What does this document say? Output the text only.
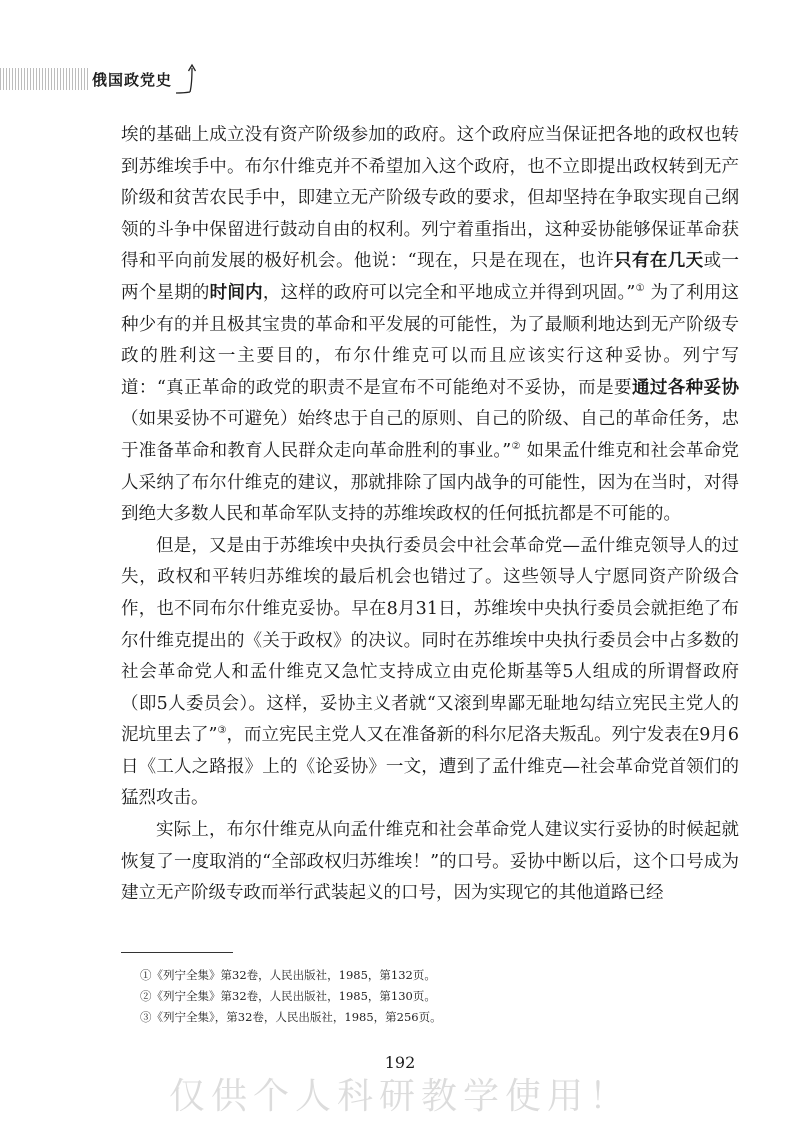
俄国政党史

埃的基础上成立没有资产阶级参加的政府。这个政府应当保证把各地的政权也转到苏维埃手中。布尔什维克并不希望加入这个政府，也不立即提出政权转到无产阶级和贫苦农民手中，即建立无产阶级专政的要求，但却坚持在争取实现自己纲领的斗争中保留进行鼓动自由的权利。列宁着重指出，这种妥协能够保证革命获得和平向前发展的极好机会。他说：“现在，只是在现在，也许只有在几天或一两个星期的时间内，这样的政府可以完全和平地成立并得到巩固。”① 为了利用这种少有的并且极其宝贵的革命和平发展的可能性，为了最顺利地达到无产阶级专政的胜利这一主要目的，布尔什维克可以而且应该实行这种妥协。列宁写道：“真正革命的政党的职责不是宣布不可能绝对不妥协，而是要通过各种妥协（如果妥协不可避免）始终忠于自己的原则、自己的阶级、自己的革命任务，忠于准备革命和教育人民群众走向革命胜利的事业。”② 如果孟什维克和社会革命党人采纳了布尔什维克的建议，那就排除了国内战争的可能性，因为在当时，对得到绝大多数人民和革命军队支持的苏维埃政权的任何抵抗都是不可能的。

但是，又是由于苏维埃中央执行委员会中社会革命党—孟什维克领导人的过失，政权和平转归苏维埃的最后机会也错过了。这些领导人宁愿同资产阶级合作，也不同布尔什维克妥协。早在8月31日，苏维埃中央执行委员会就拒绝了布尔什维克提出的《关于政权》的决议。同时在苏维埃中央执行委员会中占多数的社会革命党人和孟什维克又急忙支持成立由克伦斯基等5人组成的所谓督政府（即5人委员会）。这样，妥协主义者就“又滚到卑鄙无耻地勾结立宪民主党人的泥坑里去了”③，而立宪民主党人又在准备新的科尔尼洛夫叛乱。列宁发表在9月6日《工人之路报》上的《论妥协》一文，遭到了孟什维克—社会革命党首领们的猛烈攻击。

实际上，布尔什维克从向孟什维克和社会革命党人建议实行妥协的时候起就恢复了一度取消的“全部政权归苏维埃！”的口号。妥协中断以后，这个口号成为建立无产阶级专政而举行武装起义的口号，因为实现它的其他道路已经

①《列宁全集》第32卷，人民出版社，1985，第132页。
②《列宁全集》第32卷，人民出版社，1985，第130页。
③《列宁全集》，第32卷，人民出版社，1985，第256页。
192
仅供个人科研教学使用！
